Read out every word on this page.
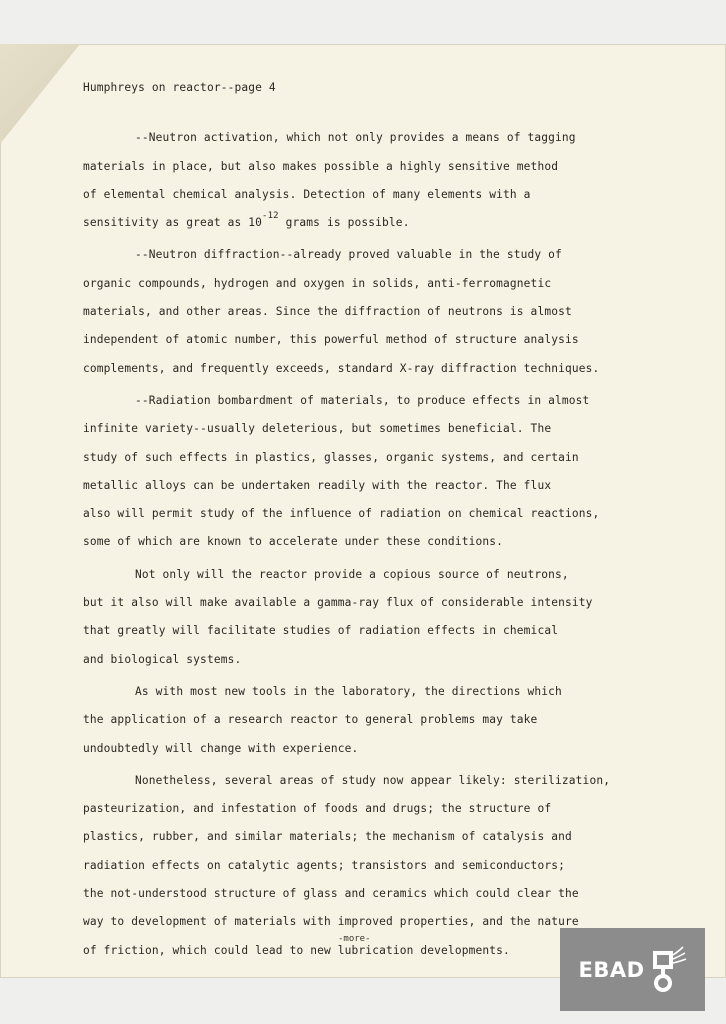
Humphreys on reactor--page 4
--Neutron activation, which not only provides a means of tagging
materials in place, but also makes possible a highly sensitive method
of elemental chemical analysis. Detection of many elements with a
sensitivity as great as $10^{-12}$ grams is possible.
--Neutron diffraction--already proved valuable in the study of
organic compounds, hydrogen and oxygen in solids, anti-ferromagnetic
materials, and other areas. Since the diffraction of neutrons is almost
independent of atomic number, this powerful method of structure analysis
complements, and frequently exceeds, standard X-ray diffraction techniques.
--Radiation bombardment of materials, to produce effects in almost
infinite variety--usually deleterious, but sometimes beneficial. The
study of such effects in plastics, glasses, organic systems, and certain
metallic alloys can be undertaken readily with the reactor. The flux
also will permit study of the influence of radiation on chemical reactions,
some of which are known to accelerate under these conditions.
Not only will the reactor provide a copious source of neutrons,
but it also will make available a gamma-ray flux of considerable intensity
that greatly will facilitate studies of radiation effects in chemical
and biological systems.
As with most new tools in the laboratory, the directions which
the application of a research reactor to general problems may take
undoubtedly will change with experience.
Nonetheless, several areas of study now appear likely: sterilization,
pasteurization, and infestation of foods and drugs; the structure of
plastics, rubber, and similar materials; the mechanism of catalysis and
radiation effects on catalytic agents; transistors and semiconductors;
the not-understood structure of glass and ceramics which could clear the
way to development of materials with improved properties, and the nature
of friction, which could lead to new lubrication developments.
-more-
EBAD
